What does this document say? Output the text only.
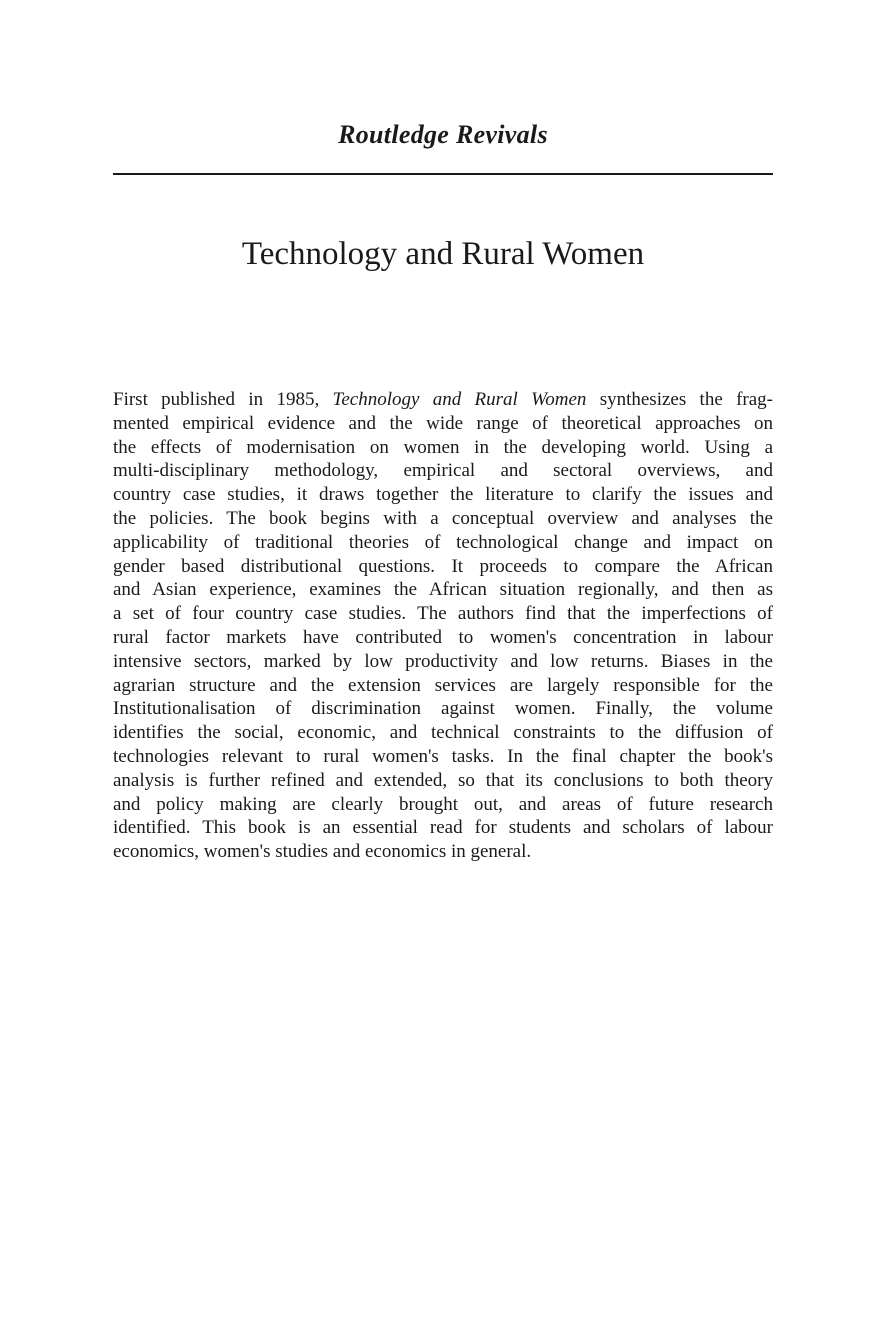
Routledge Revivals
Technology and Rural Women
First published in 1985, Technology and Rural Women synthesizes the frag-
mented empirical evidence and the wide range of theoretical approaches on
the effects of modernisation on women in the developing world. Using a
multi-disciplinary methodology, empirical and sectoral overviews, and
country case studies, it draws together the literature to clarify the issues and
the policies. The book begins with a conceptual overview and analyses the
applicability of traditional theories of technological change and impact on
gender based distributional questions. It proceeds to compare the African
and Asian experience, examines the African situation regionally, and then as
a set of four country case studies. The authors find that the imperfections of
rural factor markets have contributed to women's concentration in labour
intensive sectors, marked by low productivity and low returns. Biases in the
agrarian structure and the extension services are largely responsible for the
Institutionalisation of discrimination against women. Finally, the volume
identifies the social, economic, and technical constraints to the diffusion of
technologies relevant to rural women's tasks. In the final chapter the book's
analysis is further refined and extended, so that its conclusions to both theory
and policy making are clearly brought out, and areas of future research
identified. This book is an essential read for students and scholars of labour
economics, women's studies and economics in general.
